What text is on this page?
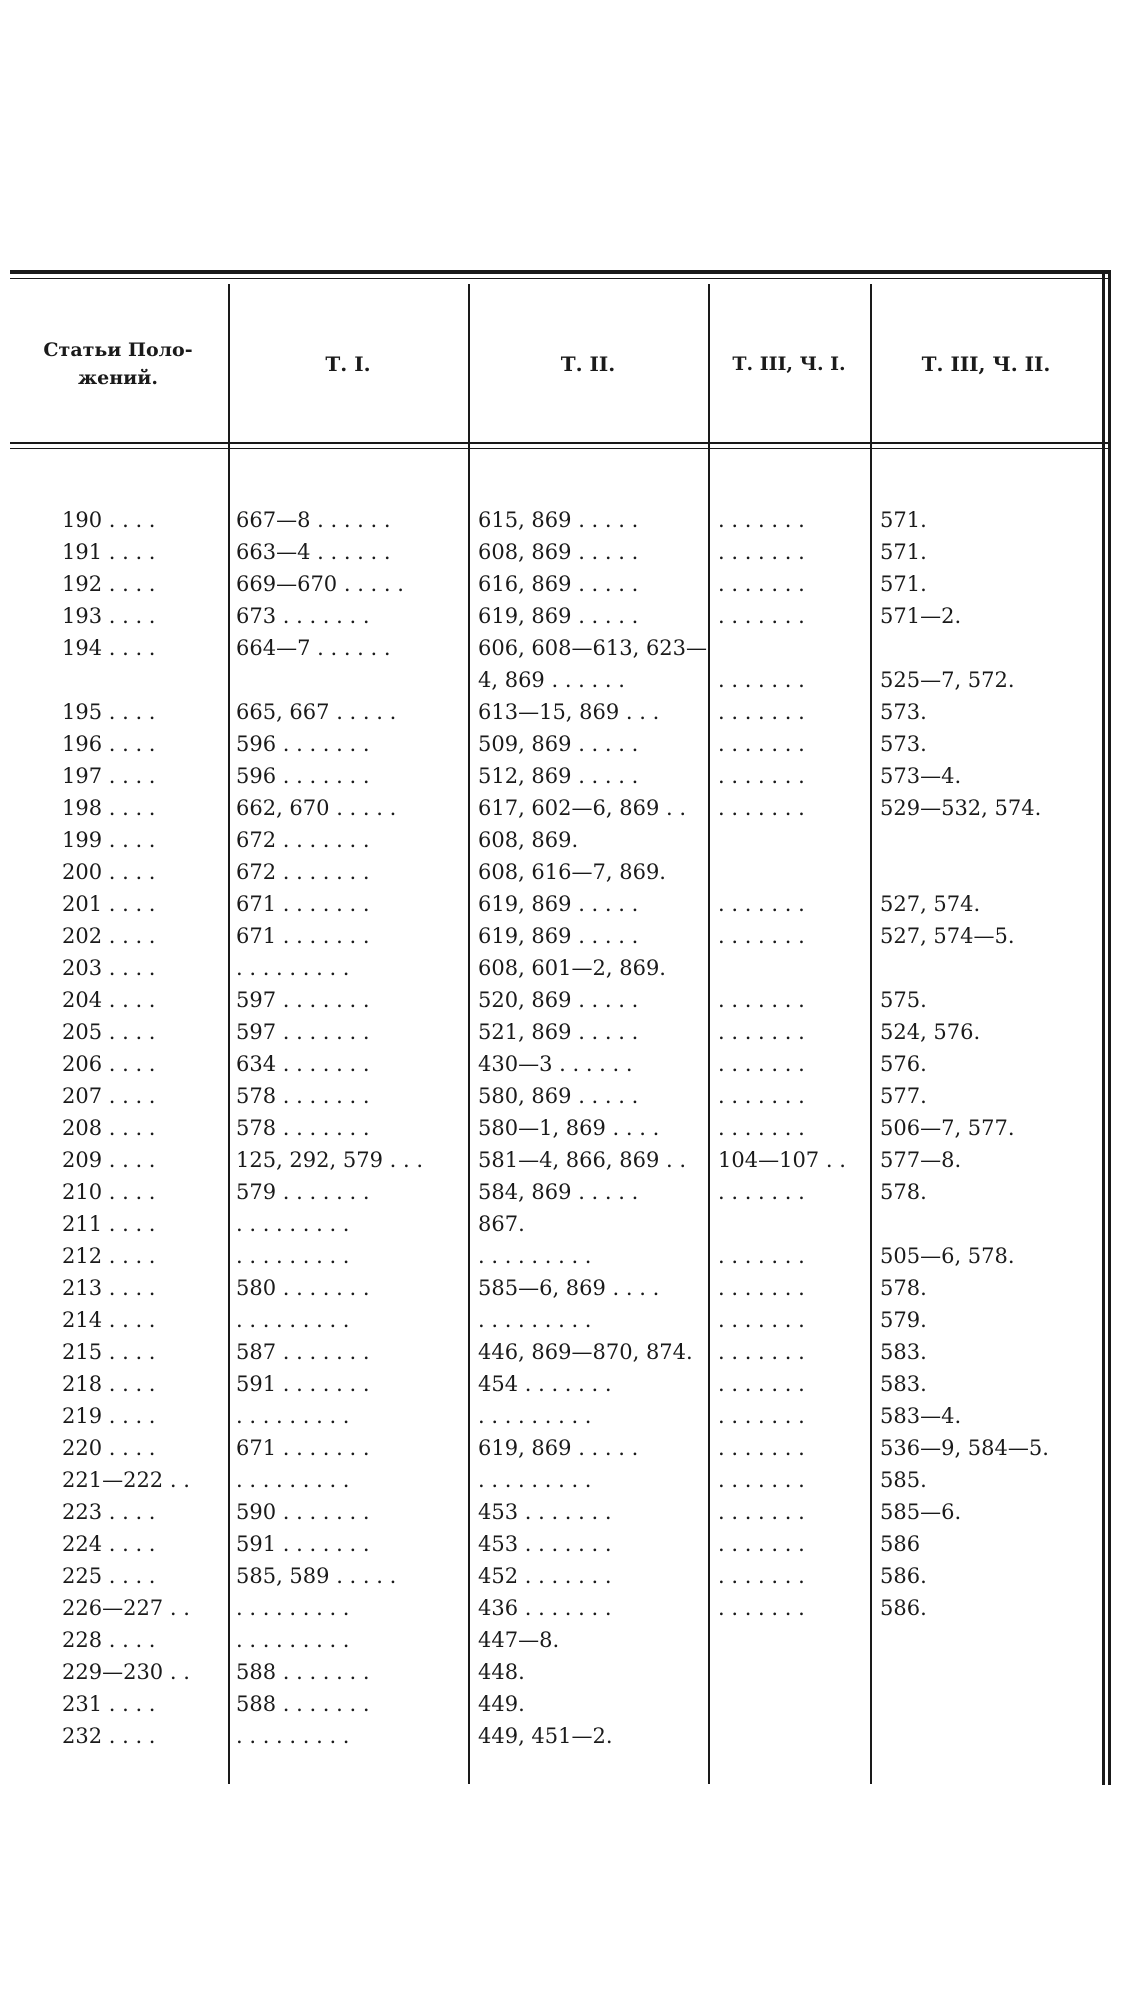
Статьи Поло-
жений.
Т. I.	Т. II.	Т. III, Ч. I.	Т. III, Ч. II.
190 . . . .	667—8 . . . . . .	615, 869 . . . . .	. . . . . . .	571.
191 . . . .	663—4 . . . . . .	608, 869 . . . . .	. . . . . . .	571.
192 . . . .	669—670 . . . . .	616, 869 . . . . .	. . . . . . .	571.
193 . . . .	673 . . . . . . .	619, 869 . . . . .	. . . . . . .	571—2.
194 . . . .	664—7 . . . . . .	606, 608—613, 623—
4, 869 . . . . . .	. . . . . . .	525—7, 572.
195 . . . .	665, 667 . . . . .	613—15, 869 . . .	. . . . . . .	573.
196 . . . .	596 . . . . . . .	509, 869 . . . . .	. . . . . . .	573.
197 . . . .	596 . . . . . . .	512, 869 . . . . .	. . . . . . .	573—4.
198 . . . .	662, 670 . . . . .	617, 602—6, 869 . .	. . . . . . .	529—532, 574.
199 . . . .	672 . . . . . . .	608, 869.
200 . . . .	672 . . . . . . .	608, 616—7, 869.
201 . . . .	671 . . . . . . .	619, 869 . . . . .	. . . . . . .	527, 574.
202 . . . .	671 . . . . . . .	619, 869 . . . . .	. . . . . . .	527, 574—5.
203 . . . .	. . . . . . . . .	608, 601—2, 869.
204 . . . .	597 . . . . . . .	520, 869 . . . . .	. . . . . . .	575.
205 . . . .	597 . . . . . . .	521, 869 . . . . .	. . . . . . .	524, 576.
206 . . . .	634 . . . . . . .	430—3 . . . . . .	. . . . . . .	576.
207 . . . .	578 . . . . . . .	580, 869 . . . . .	. . . . . . .	577.
208 . . . .	578 . . . . . . .	580—1, 869 . . . .	. . . . . . .	506—7, 577.
209 . . . .	125, 292, 579 . . .	581—4, 866, 869 . .	104—107 . .	577—8.
210 . . . .	579 . . . . . . .	584, 869 . . . . .	. . . . . . .	578.
211 . . . .	. . . . . . . . .	867.
212 . . . .	. . . . . . . . .	. . . . . . . . .	. . . . . . .	505—6, 578.
213 . . . .	580 . . . . . . .	585—6, 869 . . . .	. . . . . . .	578.
214 . . . .	. . . . . . . . .	. . . . . . . . .	. . . . . . .	579.
215 . . . .	587 . . . . . . .	446, 869—870, 874.	. . . . . . .	583.
218 . . . .	591 . . . . . . .	454 . . . . . . .	. . . . . . .	583.
219 . . . .	. . . . . . . . .	. . . . . . . . .	. . . . . . .	583—4.
220 . . . .	671 . . . . . . .	619, 869 . . . . .	. . . . . . .	536—9, 584—5.
221—222 . .	. . . . . . . . .	. . . . . . . . .	. . . . . . .	585.
223 . . . .	590 . . . . . . .	453 . . . . . . .	. . . . . . .	585—6.
224 . . . .	591 . . . . . . .	453 . . . . . . .	. . . . . . .	586
225 . . . .	585, 589 . . . . .	452 . . . . . . .	. . . . . . .	586.
226—227 . .	. . . . . . . . .	436 . . . . . . .	. . . . . . .	586.
228 . . . .	. . . . . . . . .	447—8.
229—230 . .	588 . . . . . . .	448.
231 . . . .	588 . . . . . . .	449.
232 . . . .	. . . . . . . . .	449, 451—2.
